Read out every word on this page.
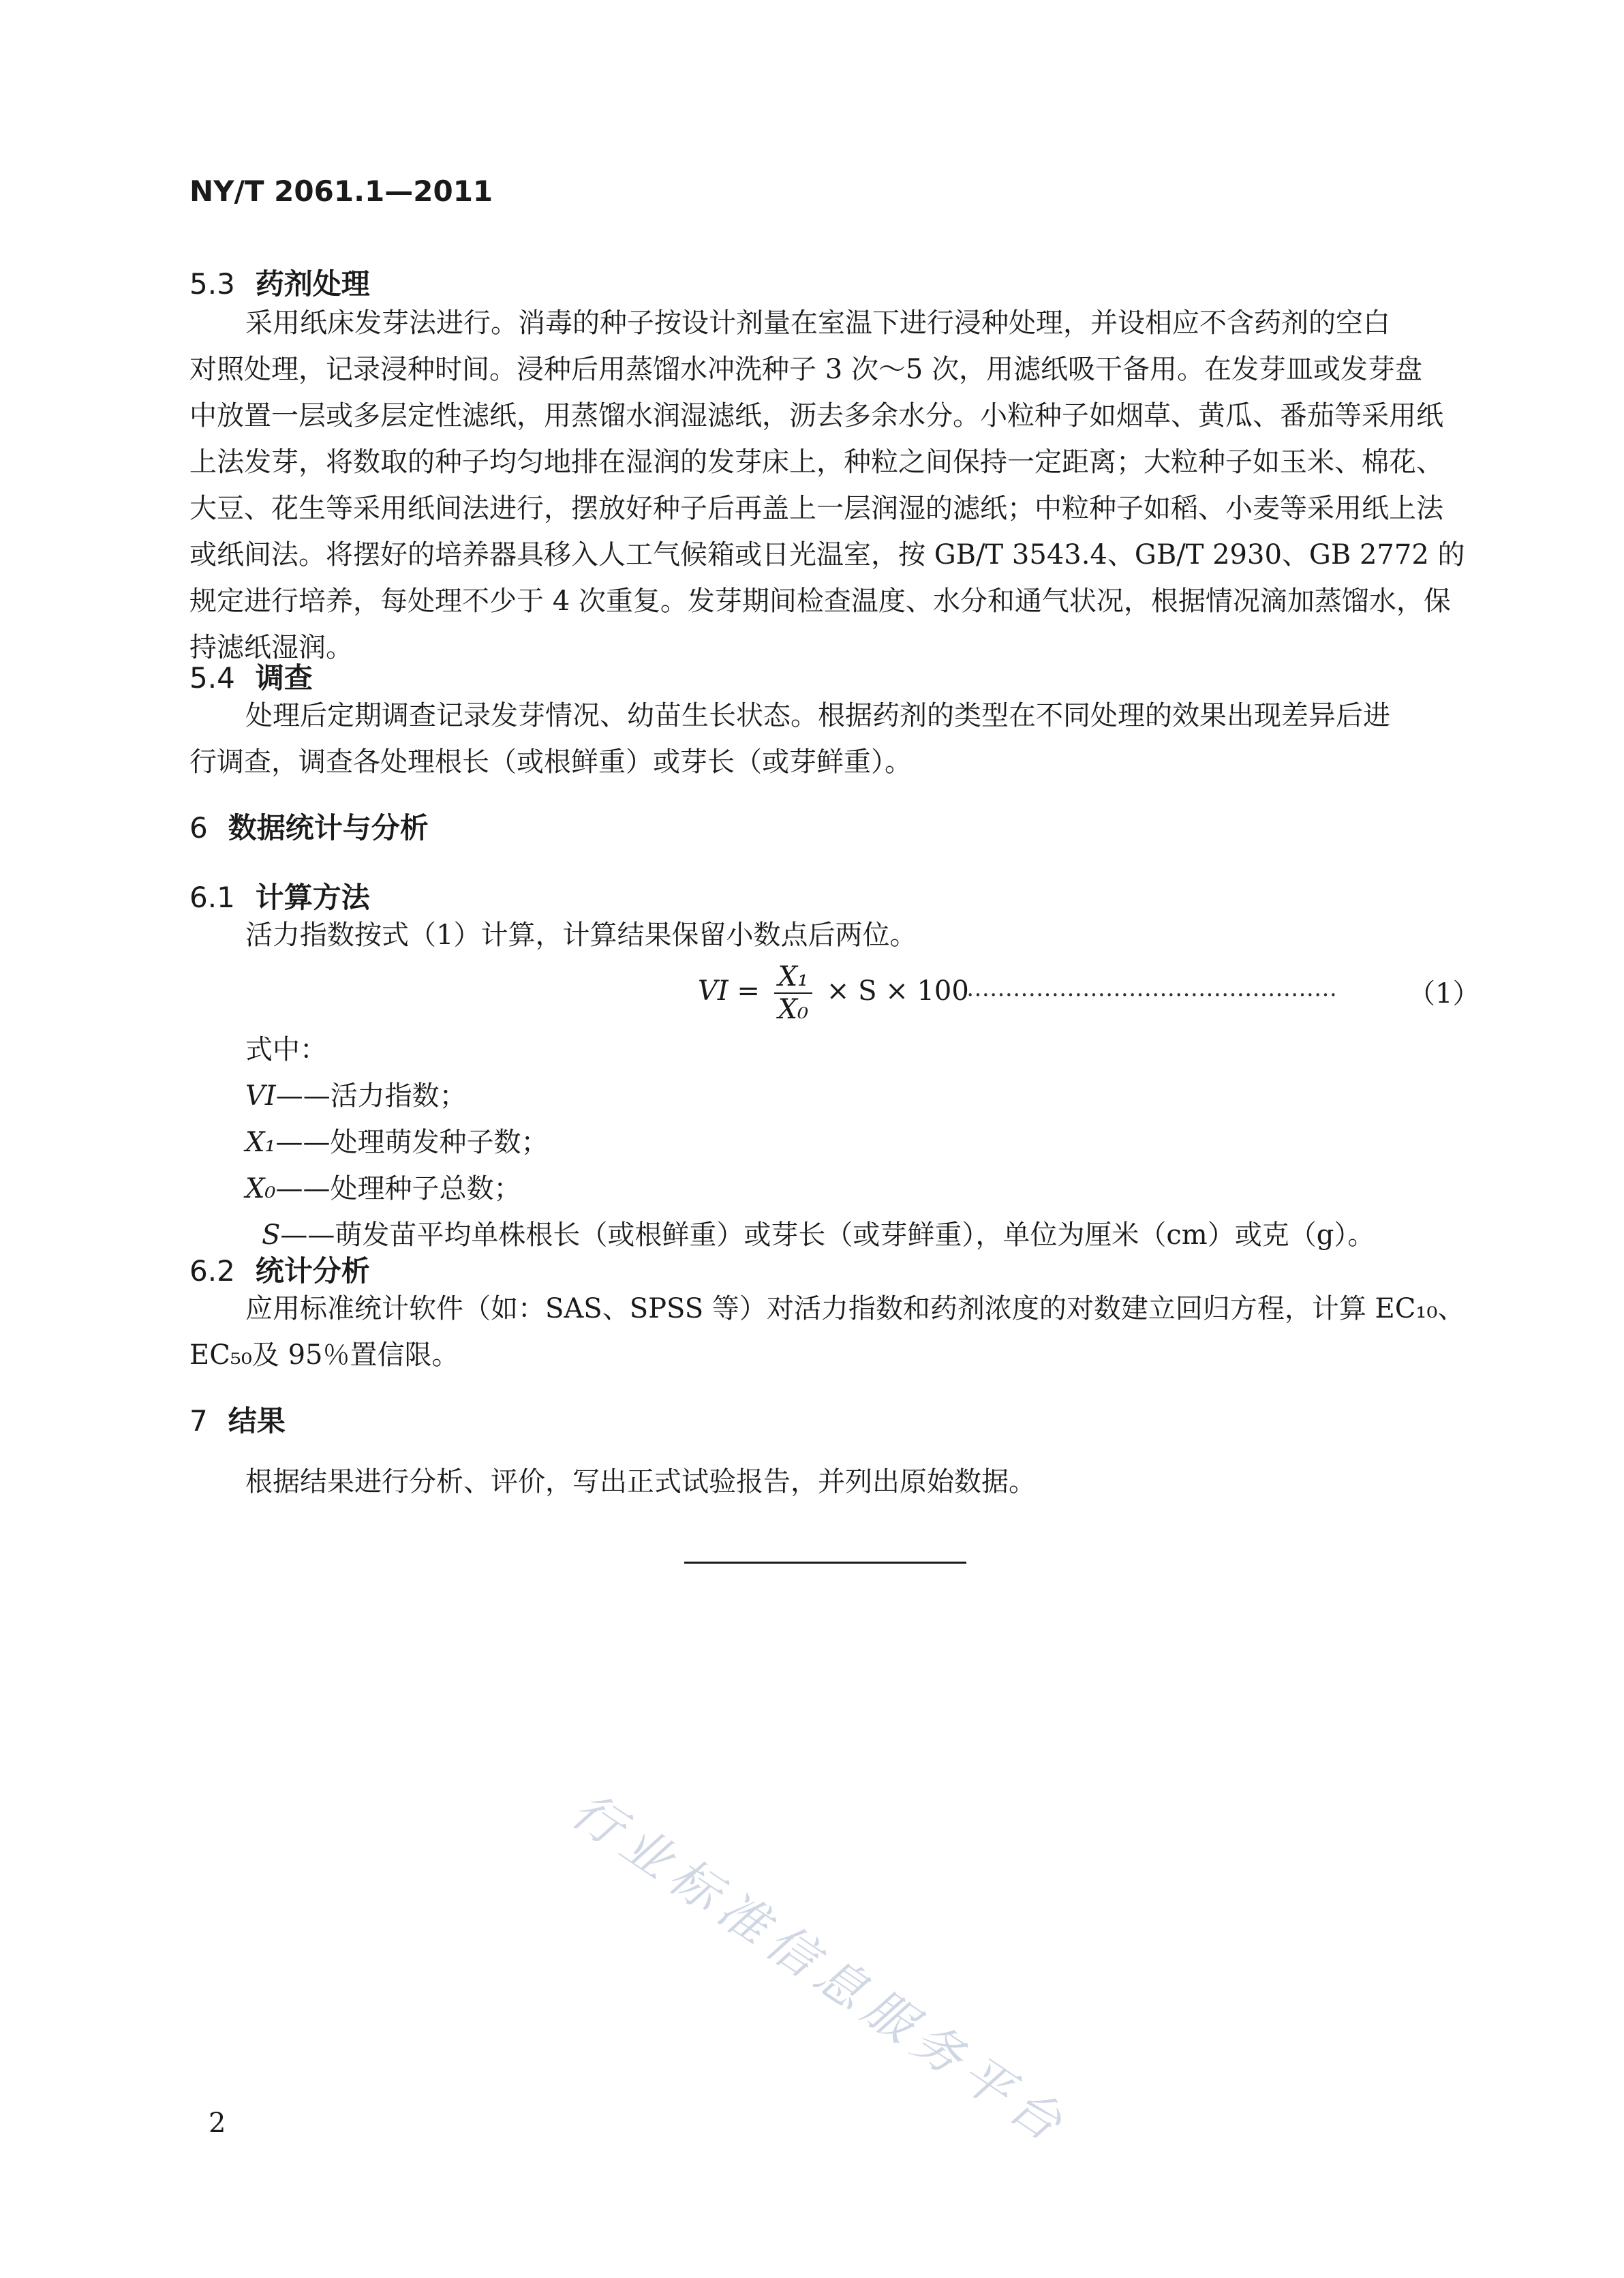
NY/T 2061.1—2011
5.3 药剂处理
采用纸床发芽法进行。消毒的种子按设计剂量在室温下进行浸种处理，并设相应不含药剂的空白
对照处理，记录浸种时间。浸种后用蒸馏水冲洗种子 3 次～5 次，用滤纸吸干备用。在发芽皿或发芽盘
中放置一层或多层定性滤纸，用蒸馏水润湿滤纸，沥去多余水分。小粒种子如烟草、黄瓜、番茄等采用纸
上法发芽，将数取的种子均匀地排在湿润的发芽床上，种粒之间保持一定距离；大粒种子如玉米、棉花、
大豆、花生等采用纸间法进行，摆放好种子后再盖上一层润湿的滤纸；中粒种子如稻、小麦等采用纸上法
或纸间法。将摆好的培养器具移入人工气候箱或日光温室，按 GB/T 3543.4、GB/T 2930、GB 2772 的
规定进行培养，每处理不少于 4 次重复。发芽期间检查温度、水分和通气状况，根据情况滴加蒸馏水，保
持滤纸湿润。
5.4 调查
处理后定期调查记录发芽情况、幼苗生长状态。根据药剂的类型在不同处理的效果出现差异后进
行调查，调查各处理根长（或根鲜重）或芽长（或芽鲜重）。
6 数据统计与分析
6.1 计算方法
活力指数按式（1）计算，计算结果保留小数点后两位。
VI = $\frac{\text{X₁}}{\text{X₀}} \times S \times 100$
…………………………………………	（1）
式中：
VI——活力指数；
X₁——处理萌发种子数；
X₀——处理种子总数；
S——萌发苗平均单株根长（或根鲜重）或芽长（或芽鲜重），单位为厘米（cm）或克（g）。
6.2 统计分析
应用标准统计软件（如：SAS、SPSS 等）对活力指数和药剂浓度的对数建立回归方程，计算 EC₁₀、
EC₅₀及 95％置信限。
7 结果
根据结果进行分析、评价，写出正式试验报告，并列出原始数据。
行业标准信息服务平台
2
